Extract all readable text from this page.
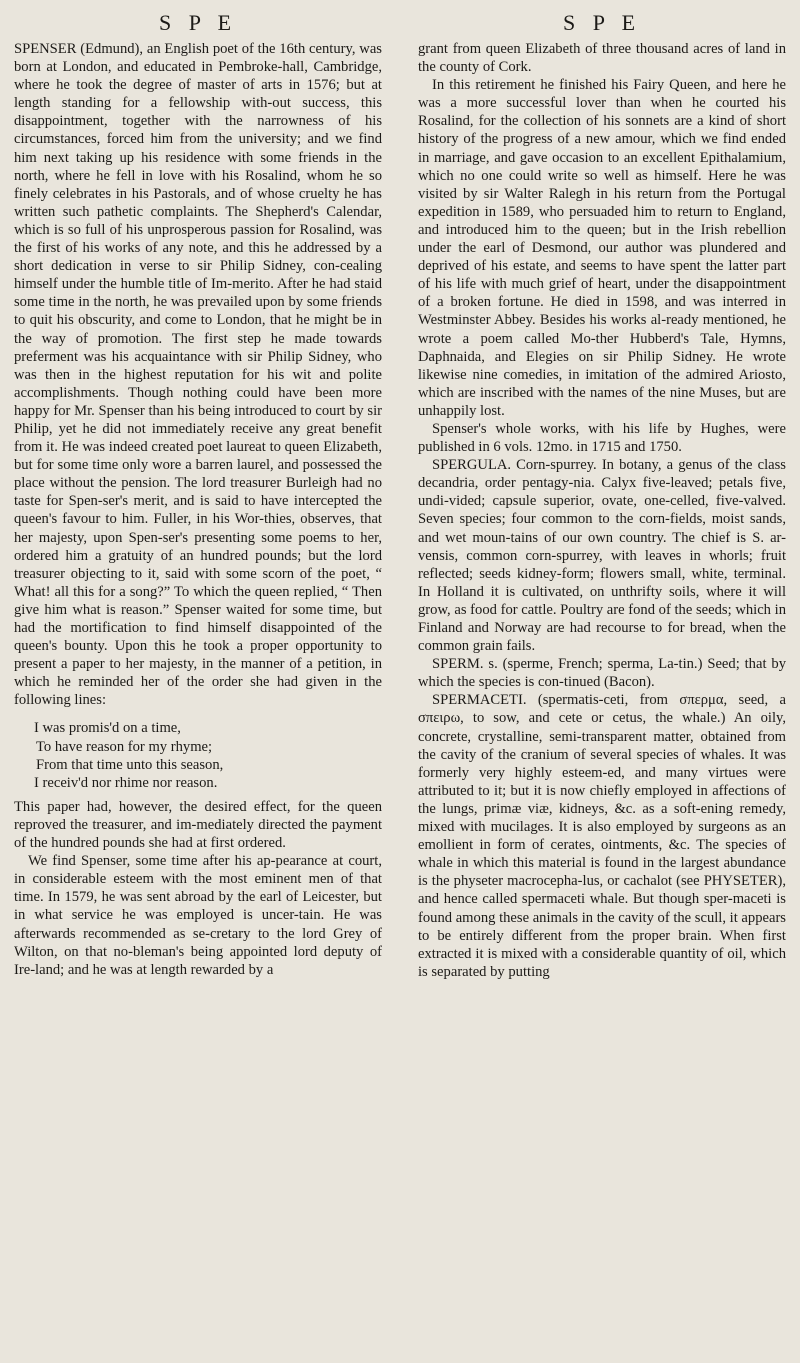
S P E

SPENSER (Edmund), an English poet of the 16th century, was born at London, and educated in Pembroke-hall, Cambridge, where he took the degree of master of arts in 1576; but at length standing for a fellowship with-out success, this disappointment, together with the narrowness of his circumstances, forced him from the university; and we find him next taking up his residence with some friends in the north, where he fell in love with his Rosalind, whom he so finely celebrates in his Pastorals, and of whose cruelty he has written such pathetic complaints. The Shepherd's Calendar, which is so full of his unprosperous passion for Rosalind, was the first of his works of any note, and this he addressed by a short dedication in verse to sir Philip Sidney, con-cealing himself under the humble title of Im-merito. After he had staid some time in the north, he was prevailed upon by some friends to quit his obscurity, and come to London, that he might be in the way of promotion. The first step he made towards preferment was his acquaintance with sir Philip Sidney, who was then in the highest reputation for his wit and polite accomplishments. Though nothing could have been more happy for Mr. Spenser than his being introduced to court by sir Philip, yet he did not immediately receive any great benefit from it. He was indeed created poet laureat to queen Elizabeth, but for some time only wore a barren laurel, and possessed the place without the pension. The lord treasurer Burleigh had no taste for Spen-ser's merit, and is said to have intercepted the queen's favour to him. Fuller, in his Wor-thies, observes, that her majesty, upon Spen-ser's presenting some poems to her, ordered him a gratuity of an hundred pounds; but the lord treasurer objecting to it, said with some scorn of the poet, “ What! all this for a song?” To which the queen replied, “ Then give him what is reason.” Spenser waited for some time, but had the mortification to find himself disappointed of the queen's bounty. Upon this he took a proper opportunity to present a paper to her majesty, in the manner of a petition, in which he reminded her of the order she had given in the following lines:

I was promis'd on a time,
To have reason for my rhyme;
From that time unto this season,
I receiv'd nor rhime nor reason.

This paper had, however, the desired effect, for the queen reproved the treasurer, and im-mediately directed the payment of the hundred pounds she had at first ordered.

We find Spenser, some time after his ap-pearance at court, in considerable esteem with the most eminent men of that time. In 1579, he was sent abroad by the earl of Leicester, but in what service he was employed is uncer-tain. He was afterwards recommended as se-cretary to the lord Grey of Wilton, on that no-bleman's being appointed lord deputy of Ire-land; and he was at length rewarded by a

S P E

grant from queen Elizabeth of three thousand acres of land in the county of Cork.

In this retirement he finished his Fairy Queen, and here he was a more successful lover than when he courted his Rosalind, for the collection of his sonnets are a kind of short history of the progress of a new amour, which we find ended in marriage, and gave occasion to an excellent Epithalamium, which no one could write so well as himself. Here he was visited by sir Walter Ralegh in his return from the Portugal expedition in 1589, who persuaded him to return to England, and introduced him to the queen; but in the Irish rebellion under the earl of Desmond, our author was plundered and deprived of his estate, and seems to have spent the latter part of his life with much grief of heart, under the disappointment of a broken fortune. He died in 1598, and was interred in Westminster Abbey. Besides his works al-ready mentioned, he wrote a poem called Mo-ther Hubberd's Tale, Hymns, Daphnaida, and Elegies on sir Philip Sidney. He wrote likewise nine comedies, in imitation of the admired Ariosto, which are inscribed with the names of the nine Muses, but are unhappily lost.

Spenser's whole works, with his life by Hughes, were published in 6 vols. 12mo. in 1715 and 1750.

SPERGULA. Corn-spurrey. In botany, a genus of the class decandria, order pentagy-nia. Calyx five-leaved; petals five, undi-vided; capsule superior, ovate, one-celled, five-valved. Seven species; four common to the corn-fields, moist sands, and wet moun-tains of our own country. The chief is S. ar-vensis, common corn-spurrey, with leaves in whorls; fruit reflected; seeds kidney-form; flowers small, white, terminal. In Holland it is cultivated, on unthrifty soils, where it will grow, as food for cattle. Poultry are fond of the seeds; which in Finland and Norway are had recourse to for bread, when the common grain fails.

SPERM. s. (sperme, French; sperma, La-tin.) Seed; that by which the species is con-tinued (Bacon).

SPERMACETI. (spermatis-ceti, from σπερμα, seed, a σπειρω, to sow, and cete or cetus, the whale.) An oily, concrete, crystalline, semi-transparent matter, obtained from the cavity of the cranium of several species of whales. It was formerly very highly esteem-ed, and many virtues were attributed to it; but it is now chiefly employed in affections of the lungs, primæ viæ, kidneys, &c. as a soft-ening remedy, mixed with mucilages. It is also employed by surgeons as an emollient in form of cerates, ointments, &c. The species of whale in which this material is found in the largest abundance is the physeter macrocepha-lus, or cachalot (see PHYSETER), and hence called spermaceti whale. But though sper-maceti is found among these animals in the cavity of the scull, it appears to be entirely different from the proper brain. When first extracted it is mixed with a considerable quantity of oil, which is separated by putting
